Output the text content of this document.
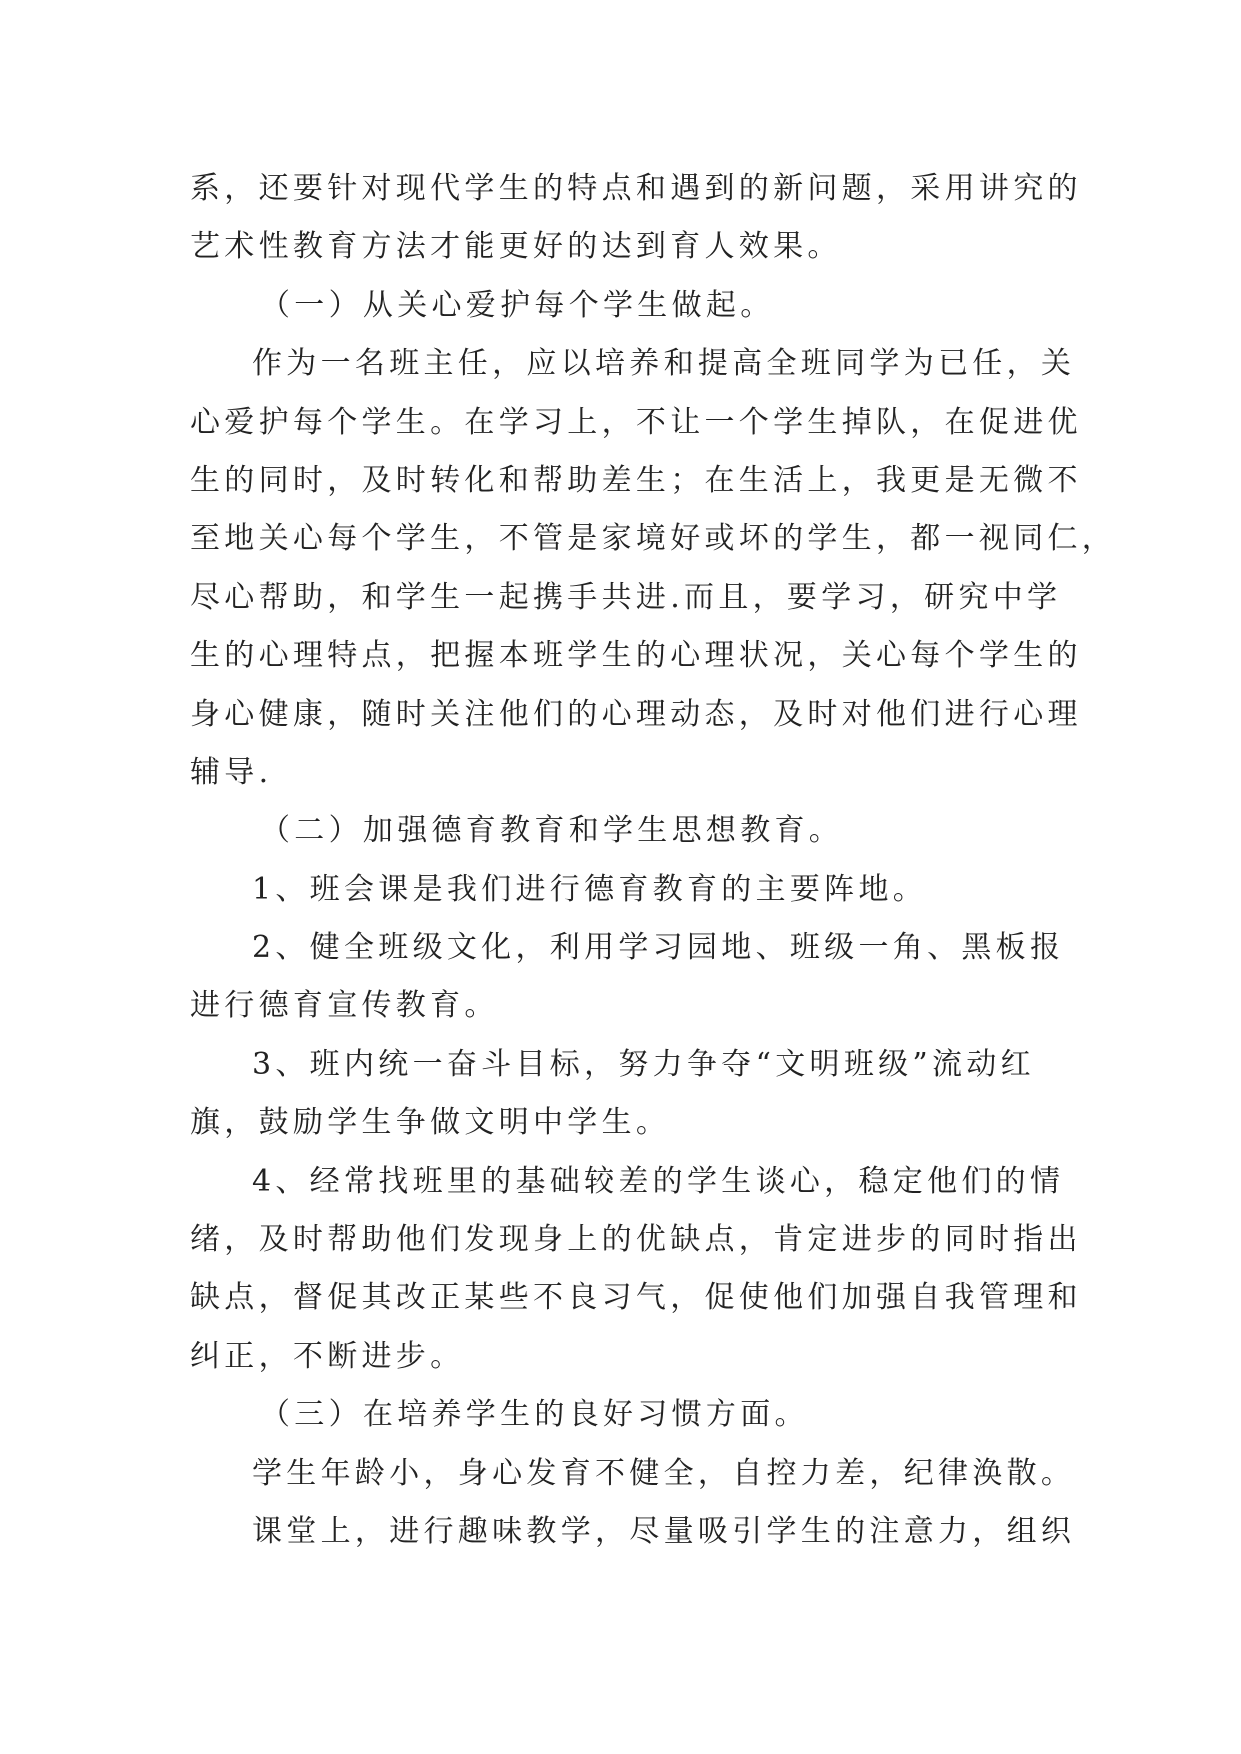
系，还要针对现代学生的特点和遇到的新问题，采用讲究的
艺术性教育方法才能更好的达到育人效果。
（一）从关心爱护每个学生做起。
作为一名班主任，应以培养和提高全班同学为已任，关
心爱护每个学生。在学习上，不让一个学生掉队，在促进优
生的同时，及时转化和帮助差生；在生活上，我更是无微不
至地关心每个学生，不管是家境好或坏的学生，都一视同仁，
尽心帮助，和学生一起携手共进.而且，要学习，研究中学
生的心理特点，把握本班学生的心理状况，关心每个学生的
身心健康，随时关注他们的心理动态，及时对他们进行心理
辅导.
（二）加强德育教育和学生思想教育。
1、班会课是我们进行德育教育的主要阵地。
2、健全班级文化，利用学习园地、班级一角、黑板报
进行德育宣传教育。
3、班内统一奋斗目标，努力争夺“文明班级”流动红
旗，鼓励学生争做文明中学生。
4、经常找班里的基础较差的学生谈心，稳定他们的情
绪，及时帮助他们发现身上的优缺点，肯定进步的同时指出
缺点，督促其改正某些不良习气，促使他们加强自我管理和
纠正，不断进步。
（三）在培养学生的良好习惯方面。
学生年龄小，身心发育不健全，自控力差，纪律涣散。
课堂上，进行趣味教学，尽量吸引学生的注意力，组织
